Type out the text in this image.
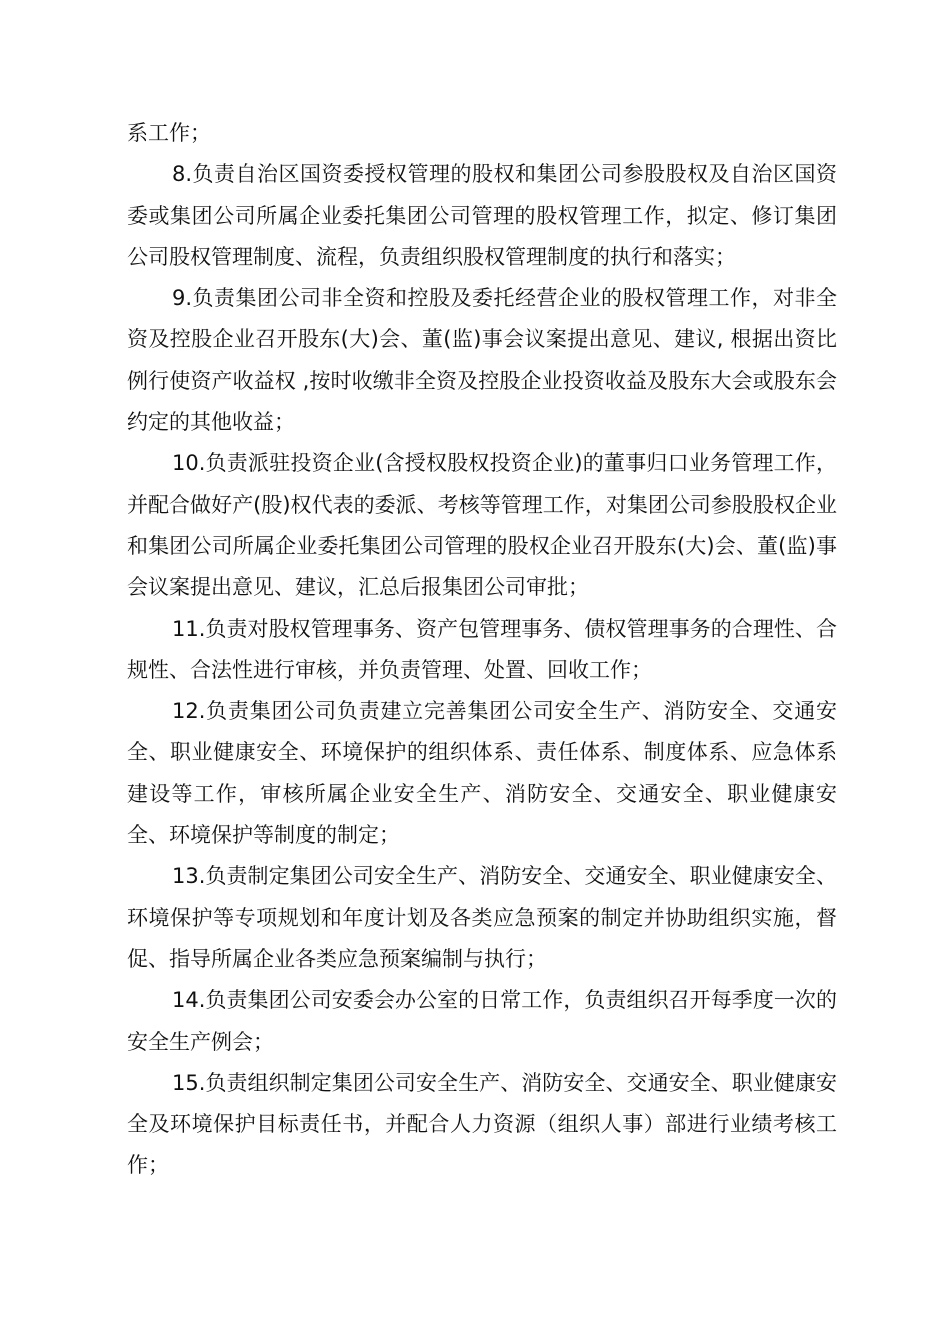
系工作；

8.负责自治区国资委授权管理的股权和集团公司参股股权及自治区国资委或集团公司所属企业委托集团公司管理的股权管理工作，拟定、修订集团公司股权管理制度、流程，负责组织股权管理制度的执行和落实；

9.负责集团公司非全资和控股及委托经营企业的股权管理工作，对非全资及控股企业召开股东(大)会、董(监)事会议案提出意见、建议, 根据出资比例行使资产收益权 ,按时收缴非全资及控股企业投资收益及股东大会或股东会约定的其他收益；

10.负责派驻投资企业(含授权股权投资企业)的董事归口业务管理工作，并配合做好产(股)权代表的委派、考核等管理工作，对集团公司参股股权企业和集团公司所属企业委托集团公司管理的股权企业召开股东(大)会、董(监)事会议案提出意见、建议，汇总后报集团公司审批；

11.负责对股权管理事务、资产包管理事务、债权管理事务的合理性、合规性、合法性进行审核，并负责管理、处置、回收工作；

12.负责集团公司负责建立完善集团公司安全生产、消防安全、交通安全、职业健康安全、环境保护的组织体系、责任体系、制度体系、应急体系建设等工作，审核所属企业安全生产、消防安全、交通安全、职业健康安全、环境保护等制度的制定；

13.负责制定集团公司安全生产、消防安全、交通安全、职业健康安全、环境保护等专项规划和年度计划及各类应急预案的制定并协助组织实施，督促、指导所属企业各类应急预案编制与执行；

14.负责集团公司安委会办公室的日常工作，负责组织召开每季度一次的安全生产例会；

15.负责组织制定集团公司安全生产、消防安全、交通安全、职业健康安全及环境保护目标责任书，并配合人力资源（组织人事）部进行业绩考核工作；
